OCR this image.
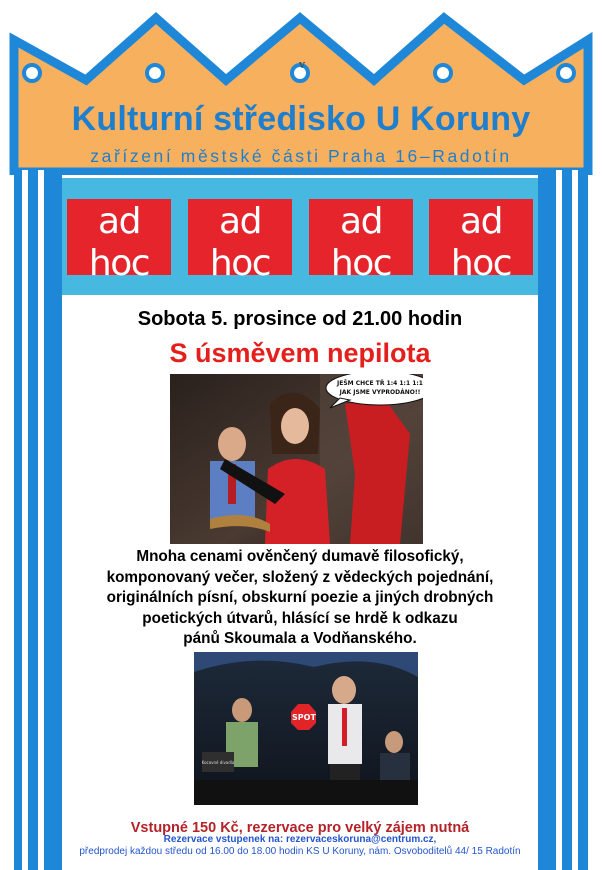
v
Kulturní středisko U Koruny
zařízení městské části Praha 16–Radotín
ad hoc
ad hoc
ad hoc
ad hoc
Sobota 5. prosince od 21.00 hodin
S úsměvem nepilota
JEŠM CHCE TŘ 1:4 1:1 1:1
JAK JSME VYPRODÁNO!!
Mnoha cenami ověnčený dumavě filosofický,
komponovaný večer, složený z vědeckých pojednání,
originálních písní, obskurní poezie a jiných drobných
poetických útvarů, hlásící se hrdě k odkazu
pánů Skoumala a Vodňanského.
SPOT
Kocovné divadlo
Vstupné 150 Kč, rezervace pro velký zájem nutná
Rezervace vstupenek na: rezervaceskoruna@centrum.cz,
předprodej každou středu od 16.00 do 18.00 hodin KS U Koruny, nám. Osvoboditelů 44/ 15 Radotín
